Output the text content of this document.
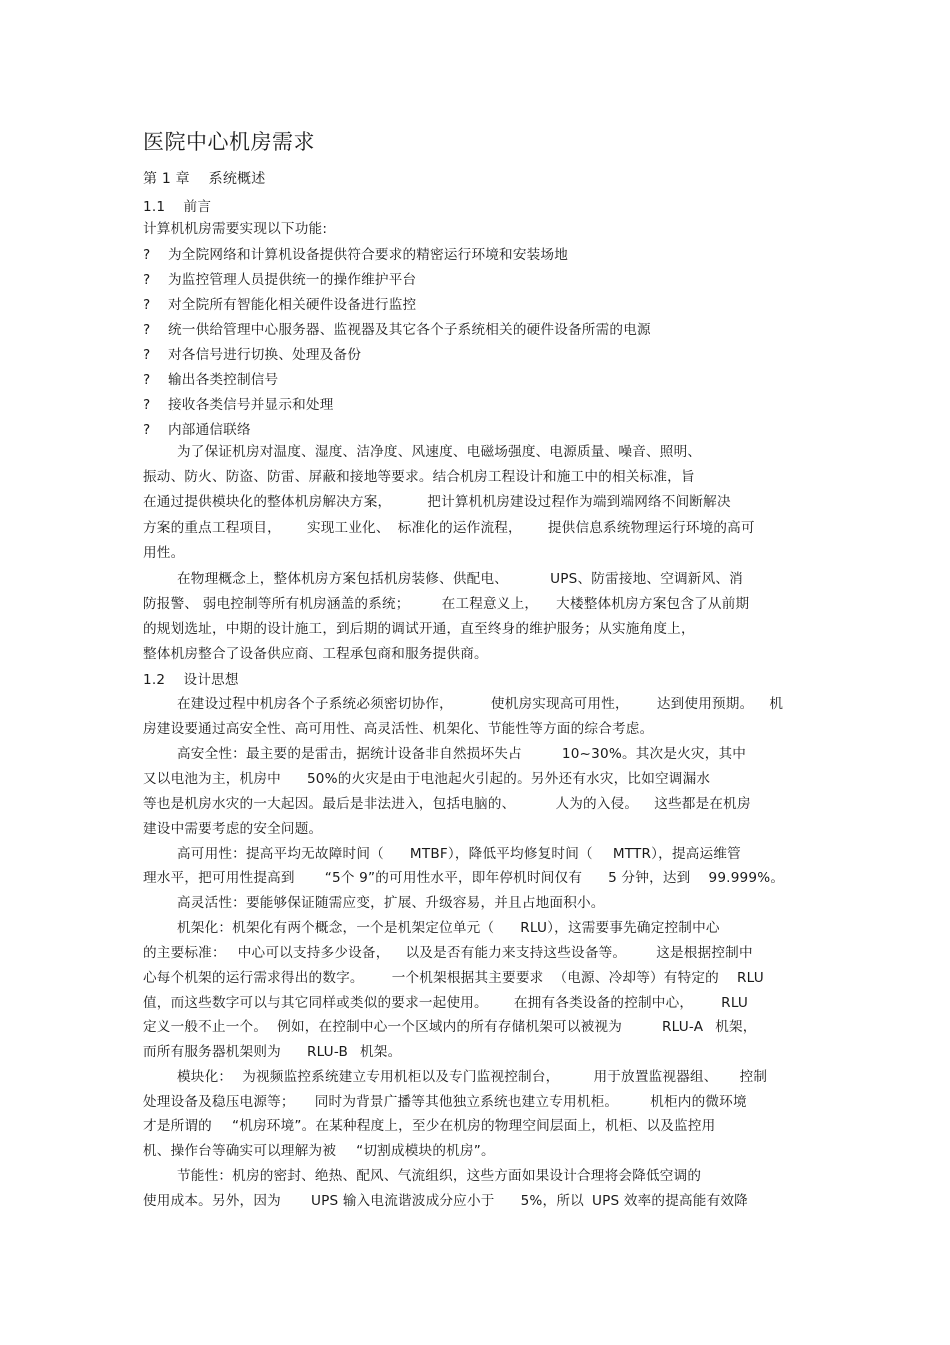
医院中心机房需求
第 1 章　 系统概述
1.1　 前言
计算机机房需要实现以下功能:
? 为全院网络和计算机设备提供符合要求的精密运行环境和安装场地
? 为监控管理人员提供统一的操作维护平台
? 对全院所有智能化相关硬件设备进行监控
? 统一供给管理中心服务器、监视器及其它各个子系统相关的硬件设备所需的电源
? 对各信号进行切换、处理及备份
? 输出各类控制信号
? 接收各类信号并显示和处理
? 内部通信联络
为了保证机房对温度、湿度、洁净度、风速度、电磁场强度、电源质量、噪音、照明、
振动、防火、防盗、防雷、屏蔽和接地等要求。结合机房工程设计和施工中的相关标准，旨
在通过提供模块化的整体机房解决方案，	把计算机机房建设过程作为端到端网络不间断解决
方案的重点工程项目， 实现工业化、 标准化的运作流程， 提供信息系统物理运行环境的高可
用性。
在物理概念上，整体机房方案包括机房装修、供配电、	UPS、防雷接地、空调新风、消
防报警、 弱电控制等所有机房涵盖的系统； 在工程意义上， 大楼整体机房方案包含了从前期
的规划选址，中期的设计施工，到后期的调试开通，直至终身的维护服务；从实施角度上，
整体机房整合了设备供应商、工程承包商和服务提供商。
1.2　 设计思想
在建设过程中机房各个子系统必须密切协作，	使机房实现高可用性， 达到使用预期。 机
房建设要通过高安全性、高可用性、高灵活性、机架化、节能性等方面的综合考虑。
高安全性：最主要的是雷击，据统计设备非自然损坏失占	10~30%。其次是火灾，其中
又以电池为主，机房中 50%的火灾是由于电池起火引起的。另外还有水灾，比如空调漏水
等也是机房水灾的一大起因。最后是非法进入，包括电脑的、	人为的入侵。 这些都是在机房
建设中需要考虑的安全问题。
高可用性：提高平均无故障时间（ MTBF），降低平均修复时间（ MTTR），提高运维管
理水平，把可用性提高到 “5个 9”的可用性水平，即年停机时间仅有 5 分钟，达到 99.999%。
高灵活性：要能够保证随需应变，扩展、升级容易，并且占地面积小。
机架化：机架化有两个概念，一个是机架定位单元（ RLU），这需要事先确定控制中心
的主要标准： 中心可以支持多少设备， 以及是否有能力来支持这些设备等。 这是根据控制中
心每个机架的运行需求得出的数字。 一个机架根据其主要要求 （电源、冷却等）有特定的 RLU
值，而这些数字可以与其它同样或类似的要求一起使用。 在拥有各类设备的控制中心， RLU
定义一般不止一个。 例如，在控制中心一个区域内的所有存储机架可以被视为	RLU-A 机架，
而所有服务器机架则为 RLU-B 机架。
模块化： 为视频监控系统建立专用机柜以及专门监视控制台，	用于放置监视器组、 控制
处理设备及稳压电源等； 同时为背景广播等其他独立系统也建立专用机柜。 机柜内的微环境
才是所谓的 “机房环境”。在某种程度上，至少在机房的物理空间层面上，机柜、以及监控用
机、操作台等确实可以理解为被 “切割成模块的机房”。
节能性：机房的密封、绝热、配风、气流组织，这些方面如果设计合理将会降低空调的
使用成本。另外，因为 UPS 输入电流谐波成分应小于 5%，所以 UPS 效率的提高能有效降
